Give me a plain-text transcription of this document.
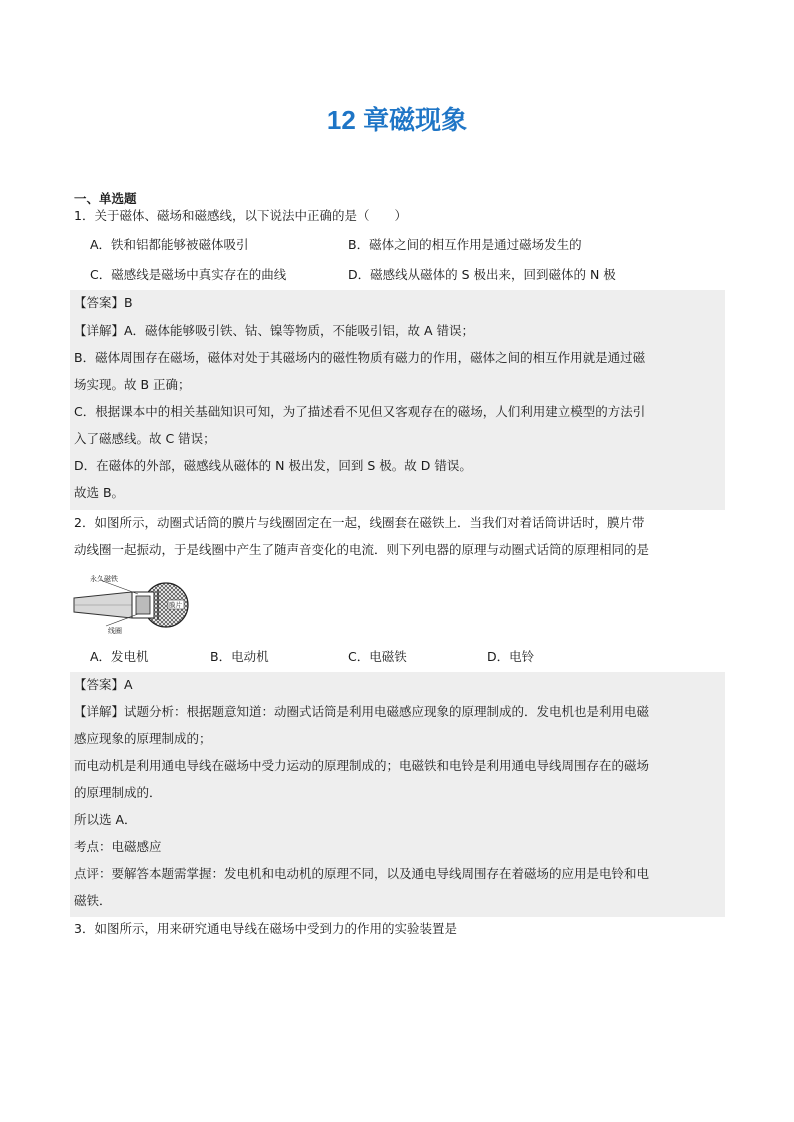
12 章磁现象
一、单选题
1．关于磁体、磁场和磁感线，以下说法中正确的是（　　）
A．铁和铝都能够被磁体吸引	B．磁体之间的相互作用是通过磁场发生的
C．磁感线是磁场中真实存在的曲线	D．磁感线从磁体的 S 极出来，回到磁体的 N 极
【答案】B
【详解】A．磁体能够吸引铁、钴、镍等物质，不能吸引铝，故 A 错误；
B．磁体周围存在磁场，磁体对处于其磁场内的磁性物质有磁力的作用，磁体之间的相互作用就是通过磁
场实现。故 B 正确；
C．根据课本中的相关基础知识可知，为了描述看不见但又客观存在的磁场，人们利用建立模型的方法引
入了磁感线。故 C 错误；
D．在磁体的外部，磁感线从磁体的 N 极出发，回到 S 极。故 D 错误。
故选 B。
2．如图所示，动圈式话筒的膜片与线圈固定在一起，线圈套在磁铁上．当我们对着话筒讲话时，膜片带
动线圈一起振动，于是线圈中产生了随声音变化的电流．则下列电器的原理与动圈式话筒的原理相同的是
永久磁铁
膜片
线圈
A．发电机	B．电动机	C．电磁铁	D．电铃
【答案】A
【详解】试题分析：根据题意知道：动圈式话筒是利用电磁感应现象的原理制成的．发电机也是利用电磁
感应现象的原理制成的；
而电动机是利用通电导线在磁场中受力运动的原理制成的；电磁铁和电铃是利用通电导线周围存在的磁场
的原理制成的．
所以选 A．
考点：电磁感应
点评：要解答本题需掌握：发电机和电动机的原理不同，以及通电导线周围存在着磁场的应用是电铃和电
磁铁．
3．如图所示，用来研究通电导线在磁场中受到力的作用的实验装置是
